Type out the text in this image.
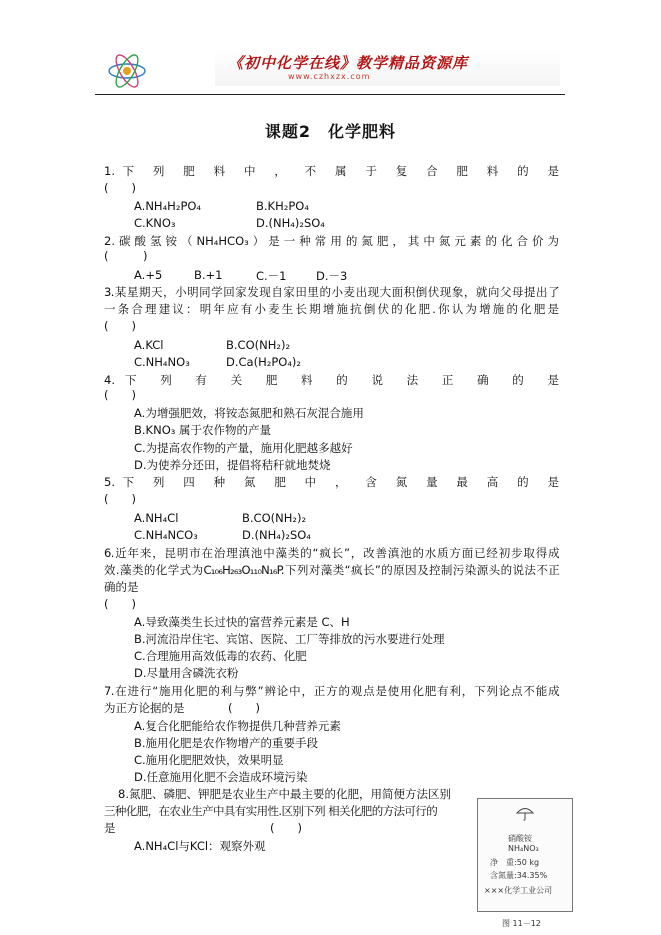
《初中化学在线》教学精品资源库
www.czhxzx.com
课题2　化学肥料
1.下 列 肥 料 中 ， 不 属 于 复 合 肥 料 的 是
(　　)
A.NH₄H₂PO₄	B.KH₂PO₄
C.KNO₃	D.(NH₄)₂SO₄
2.碳酸氢铵（NH₄HCO₃）是一种常用的氮肥，其中氮元素的化合价为
(　　　)
A.+5	B.+1	C.－1	D.－3
3.某星期天，小明同学回家发现自家田里的小麦出现大面积倒伏现象，就向父母提出了
一条合理建议：明年应有小麦生长期增施抗倒伏的化肥.你认为增施的化肥是
(　　)
A.KCl	B.CO(NH₂)₂
C.NH₄NO₃	D.Ca(H₂PO₄)₂
4.下 列 有 关 肥 料 的 说 法 正 确 的 是
(　　)
A.为增强肥效，将铵态氮肥和熟石灰混合施用
B.KNO₃ 属于农作物的产量
C.为提高农作物的产量，施用化肥越多越好
D.为使养分还田，提倡将秸秆就地焚烧
5.下 列 四 种 氮 肥 中 ， 含 氮 量 最 高 的 是
(　　)
A.NH₄Cl	B.CO(NH₂)₂
C.NH₄NCO₃	D.(NH₄)₂SO₄
6.近年来，昆明市在治理滇池中藻类的“疯长”，改善滇池的水质方面已经初步取得成
效.藻类的化学式为C₁₀₆H₂₆₃O₁₁₀N₁₆P.下列对藻类“疯长”的原因及控制污染源头的说法不正
确的是
(　　)
A.导致藻类生长过快的富营养元素是 C、H
B.河流沿岸住宅、宾馆、医院、工厂等排放的污水要进行处理
C.合理施用高效低毒的农药、化肥
D.尽量用含磷洗衣粉
7.在进行“施用化肥的利与弊”辨论中，正方的观点是使用化肥有利，下列论点不能成
为正方论据的是	(　　)
A.复合化肥能给农作物提供几种营养元素
B.施用化肥是农作物增产的重要手段
C.施用化肥肥效快，效果明显
D.任意施用化肥不会造成环境污染
8.氮肥、磷肥、钾肥是农业生产中最主要的化肥，用简便方法区别
三种化肥，在农业生产中具有实用性.区别下列 相关化肥的方法可行的
是	(　　)
A.NH₄Cl与KCl：观察外观
硝酸铵
NH₄NO₃
净　重:50 kg
含氮量:34.35%
×××化学工业公司
图 11－12
